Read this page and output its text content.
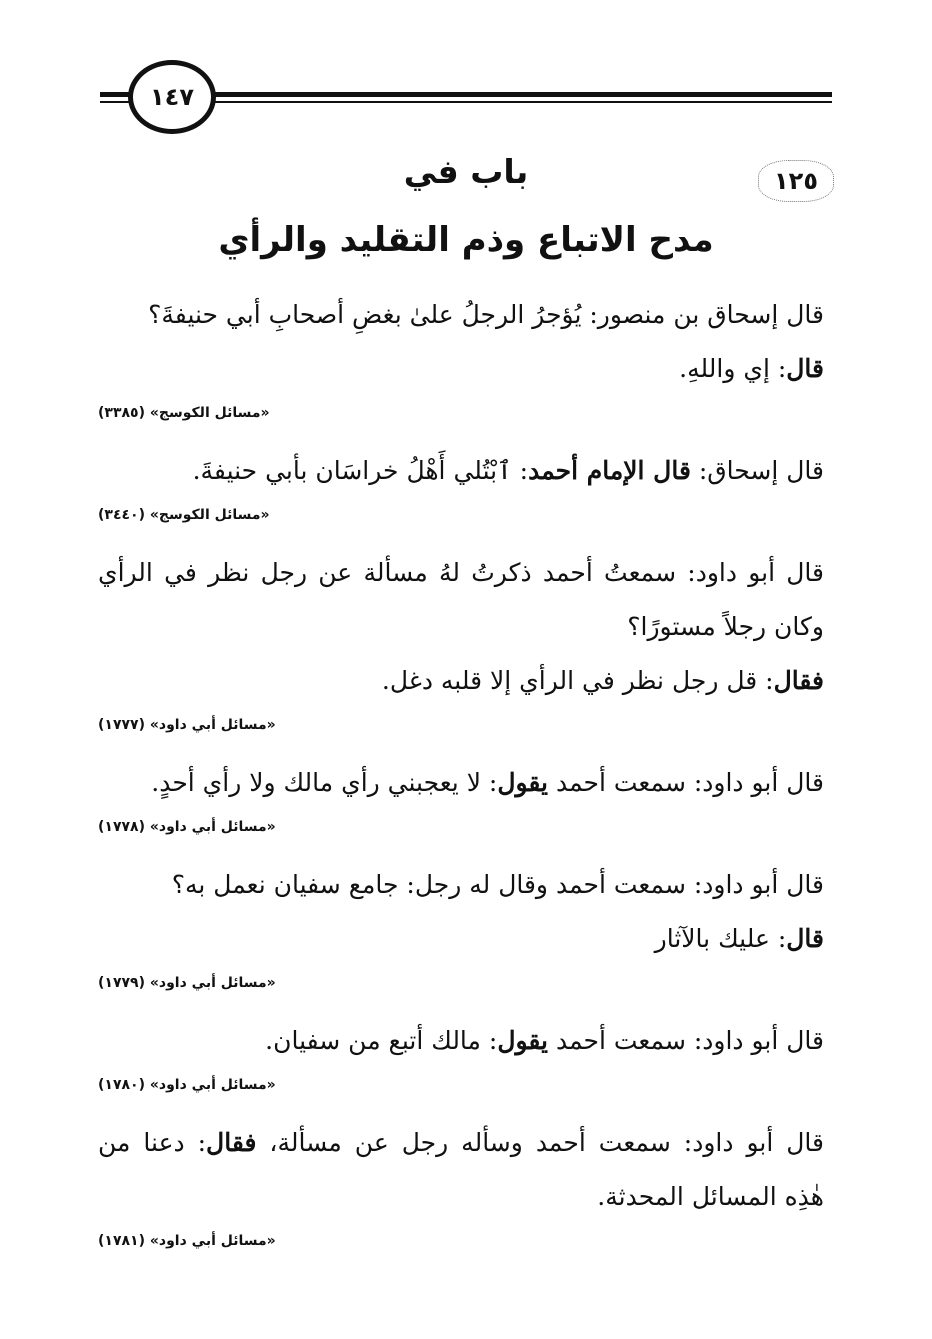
١٤٧
١٢٥
باب في
مدح الاتباع وذم التقليد والرأي
قال إسحاق بن منصور: يُؤجرُ الرجلُ علىٰ بغضِ أصحابِ أبي حنيفةَ؟
قال: إي واللهِ.
«مسائل الكوسج» (٣٣٨٥)
قال إسحاق: قال الإمام أحمد: ٱبْتُلي أَهْلُ خراسَان بأبي حنيفةَ.
«مسائل الكوسج» (٣٤٤٠)
قال أبو داود: سمعتُ أحمد ذكرتُ لهُ مسألة عن رجل نظر في الرأي
وكان رجلاً مستورًا؟
فقال: قل رجل نظر في الرأي إلا قلبه دغل.
«مسائل أبي داود» (١٧٧٧)
قال أبو داود: سمعت أحمد يقول: لا يعجبني رأي مالك ولا رأي أحدٍ.
«مسائل أبي داود» (١٧٧٨)
قال أبو داود: سمعت أحمد وقال له رجل: جامع سفيان نعمل به؟
قال: عليك بالآثار
«مسائل أبي داود» (١٧٧٩)
قال أبو داود: سمعت أحمد يقول: مالك أتبع من سفيان.
«مسائل أبي داود» (١٧٨٠)
قال أبو داود: سمعت أحمد وسأله رجل عن مسألة، فقال: دعنا من
هٰذِه المسائل المحدثة.
«مسائل أبي داود» (١٧٨١)
